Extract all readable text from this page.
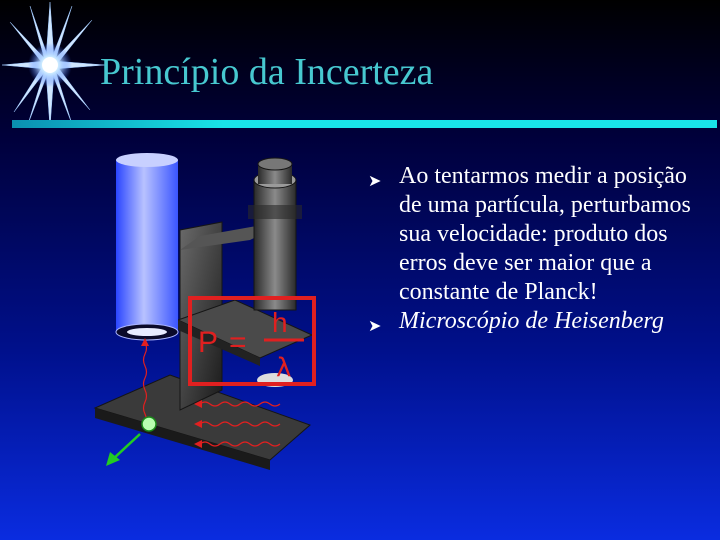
Princípio da Incerteza
P =
h
λ
➤ Ao tentarmos medir a posição de uma partícula, perturbamos sua velocidade: produto dos erros deve ser maior que a constante de Planck!
➤ Microscópio de Heisenberg
